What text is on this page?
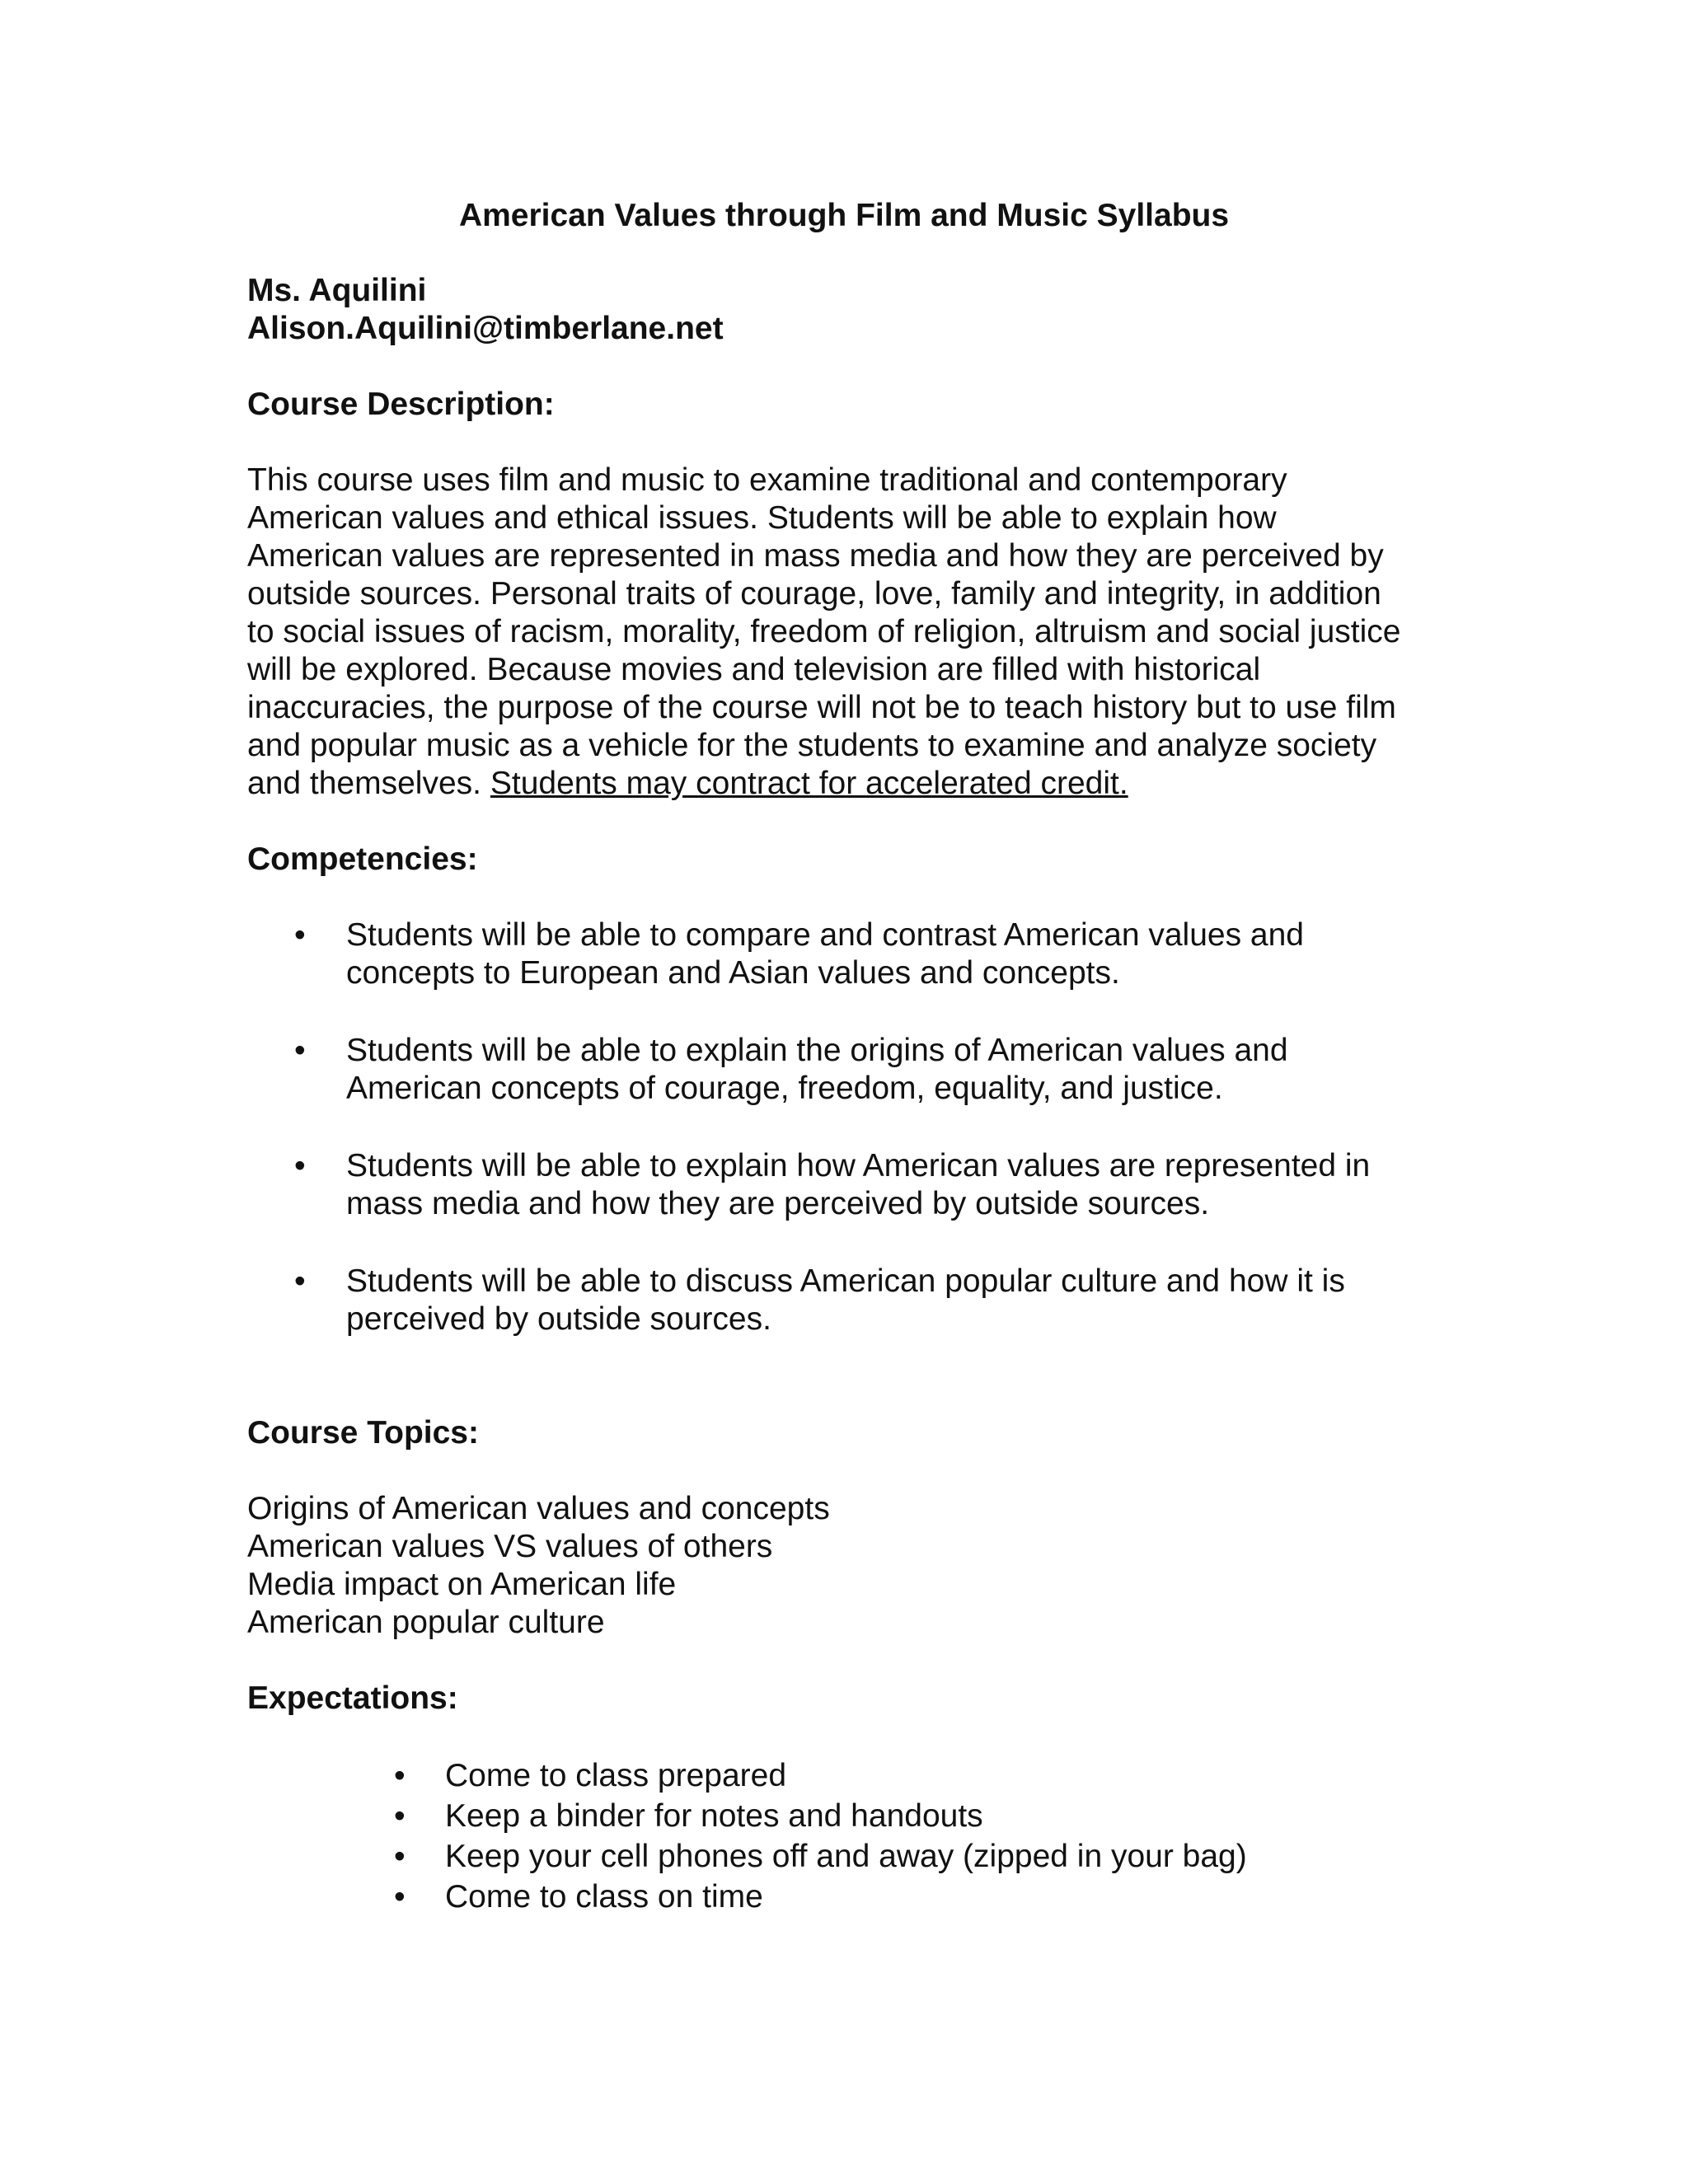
American Values through Film and Music Syllabus

Ms. Aquilini

Alison.Aquilini@timberlane.net

Course Description:

This course uses film and music to examine traditional and contemporary

American values and ethical issues. Students will be able to explain how

American values are represented in mass media and how they are perceived by

outside sources. Personal traits of courage, love, family and integrity, in addition

to social issues of racism, morality, freedom of religion, altruism and social justice

will be explored. Because movies and television are filled with historical

inaccuracies, the purpose of the course will not be to teach history but to use film

and popular music as a vehicle for the students to examine and analyze society

and themselves. Students may contract for accelerated credit.

Competencies:

• Students will be able to compare and contrast American values and
concepts to European and Asian values and concepts.
• Students will be able to explain the origins of American values and
American concepts of courage, freedom, equality, and justice.
• Students will be able to explain how American values are represented in
mass media and how they are perceived by outside sources.
• Students will be able to discuss American popular culture and how it is
perceived by outside sources.

Course Topics:

Origins of American values and concepts

American values VS values of others

Media impact on American life

American popular culture

Expectations:

• Come to class prepared
• Keep a binder for notes and handouts
• Keep your cell phones off and away (zipped in your bag)
• Come to class on time
